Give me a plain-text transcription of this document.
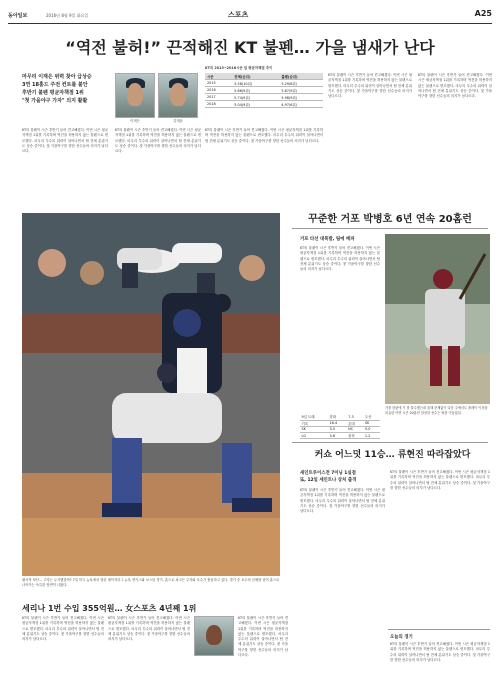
동아일보	2016년 8월 9일 화요일	스포츠	A25
“역전 불허!” 끈적해진 KT 불펜… 가을 냄새가 난다
마무리 이재은 위력 찾아 급상승
3연 18홈드 주전 컨트롤 불안
후반기 불펜 평균자책점 1위
"첫 가을야구 가자" 의지 활활
KT의 불펜이 시즌 후반기 들어 견고해졌다. 이번 시즌 평균자책점 1위를 기록하며 역전을 허용하지 않는 불펜으로 변모했다. 마무리 투수의 위력이 살아나면서 팀 전체 분위기도 상승 중이다. 첫 가을야구를 향한 선수들의 의지가 남다르다.
KT의 불펜이 시즌 후반기 들어 견고해졌다. 이번 시즌 평균자책점 1위를 기록하며 역전을 허용하지 않는 불펜으로 변모했다. 마무리 투수의 위력이 살아나면서 팀 전체 분위기도 상승 중이다. 첫 가을야구를 향한 선수들의 의지가 남다르다.
KT의 불펜이 시즌 후반기 들어 견고해졌다. 이번 시즌 평균자책점 1위를 기록하며 역전을 허용하지 않는 불펜으로 변모했다. 마무리 투수의 위력이 살아나면서 팀 전체 분위기도 상승 중이다. 첫 가을야구를 향한 선수들의 의지가 남다르다.
KT의 불펜이 시즌 후반기 들어 견고해졌다. 이번 시즌 평균자책점 1위를 기록하며 역전을 허용하지 않는 불펜으로 변모했다. 마무리 투수의 위력이 살아나면서 팀 전체 분위기도 상승 중이다. 첫 가을야구를 향한 선수들의 의지가 남다르다.
KT의 불펜이 시즌 후반기 들어 견고해졌다. 이번 시즌 평균자책점 1위를 기록하며 역전을 허용하지 않는 불펜으로 변모했다. 마무리 투수의 위력이 살아나면서 팀 전체 분위기도 상승 중이다. 첫 가을야구를 향한 선수들의 의지가 남다르다.
이재은	김재윤
KT의 2015~2016시즌 팀 평균자책점 추이
시즌	전체(순위)	불펜(순위)
2015	5.56(10위)	5.29(8위)
2016	5.66(9위)	5.67(9위)
2017	5.74(9위)	5.98(9위)
2018	5.04(9위)	4.97(6위)
필사적 차단… 주자는 무사했을까? 7일 미국 뉴욕에서 열린 메이저리그 뉴욕 양키스와 보스턴 경기. 홈으로 파고든 주자와 포수가 충돌하고 있다. 경기 중 포수의 신체를 넘어 홈으로 나아가는 독특한 장면이 나왔다.
꾸준한 거포 박병호 6년 연속 20홈런
거포 타선 대폭발, 팀에 매파
KT의 불펜이 시즌 후반기 들어 견고해졌다. 이번 시즌 평균자책점 1위를 기록하며 역전을 허용하지 않는 불펜으로 변모했다. 마무리 투수의 위력이 살아나면서 팀 전체 분위기도 상승 중이다. 첫 가을야구를 향한 선수들의 의지가 남다르다.
가을 한판에 기 잠 불수했는데 올해 문제없이 다음 주에서도 플레이 이상을 치유한 이번 시즌 20홈런 달성한 선수는 팀을 이끌었다.
9일 트래	한화	7-3	두산
기록	16-4	롯데	SK
SK	3-0	NC	5-0
LG	3-6	삼성	1-2
커쇼 어느덧 11승… 류현진 따라잡았다
새인트루이스전 7이닝 1실점
또, 12일 세인트나 상처 출격
KT의 불펜이 시즌 후반기 들어 견고해졌다. 이번 시즌 평균자책점 1위를 기록하며 역전을 허용하지 않는 불펜으로 변모했다. 마무리 투수의 위력이 살아나면서 팀 전체 분위기도 상승 중이다. 첫 가을야구를 향한 선수들의 의지가 남다르다.
KT의 불펜이 시즌 후반기 들어 견고해졌다. 이번 시즌 평균자책점 1위를 기록하며 역전을 허용하지 않는 불펜으로 변모했다. 마무리 투수의 위력이 살아나면서 팀 전체 분위기도 상승 중이다. 첫 가을야구를 향한 선수들의 의지가 남다르다.
오늘의 경기
KT의 불펜이 시즌 후반기 들어 견고해졌다. 이번 시즌 평균자책점 1위를 기록하며 역전을 허용하지 않는 불펜으로 변모했다. 마무리 투수의 위력이 살아나면서 팀 전체 분위기도 상승 중이다. 첫 가을야구를 향한 선수들의 의지가 남다르다.
세리나 1번 수입 355억원… 女스포츠 4년째 1위
KT의 불펜이 시즌 후반기 들어 견고해졌다. 이번 시즌 평균자책점 1위를 기록하며 역전을 허용하지 않는 불펜으로 변모했다. 마무리 투수의 위력이 살아나면서 팀 전체 분위기도 상승 중이다. 첫 가을야구를 향한 선수들의 의지가 남다르다.
KT의 불펜이 시즌 후반기 들어 견고해졌다. 이번 시즌 평균자책점 1위를 기록하며 역전을 허용하지 않는 불펜으로 변모했다. 마무리 투수의 위력이 살아나면서 팀 전체 분위기도 상승 중이다. 첫 가을야구를 향한 선수들의 의지가 남다르다.
KT의 불펜이 시즌 후반기 들어 견고해졌다. 이번 시즌 평균자책점 1위를 기록하며 역전을 허용하지 않는 불펜으로 변모했다. 마무리 투수의 위력이 살아나면서 팀 전체 분위기도 상승 중이다. 첫 가을야구를 향한 선수들의 의지가 남다르다.
